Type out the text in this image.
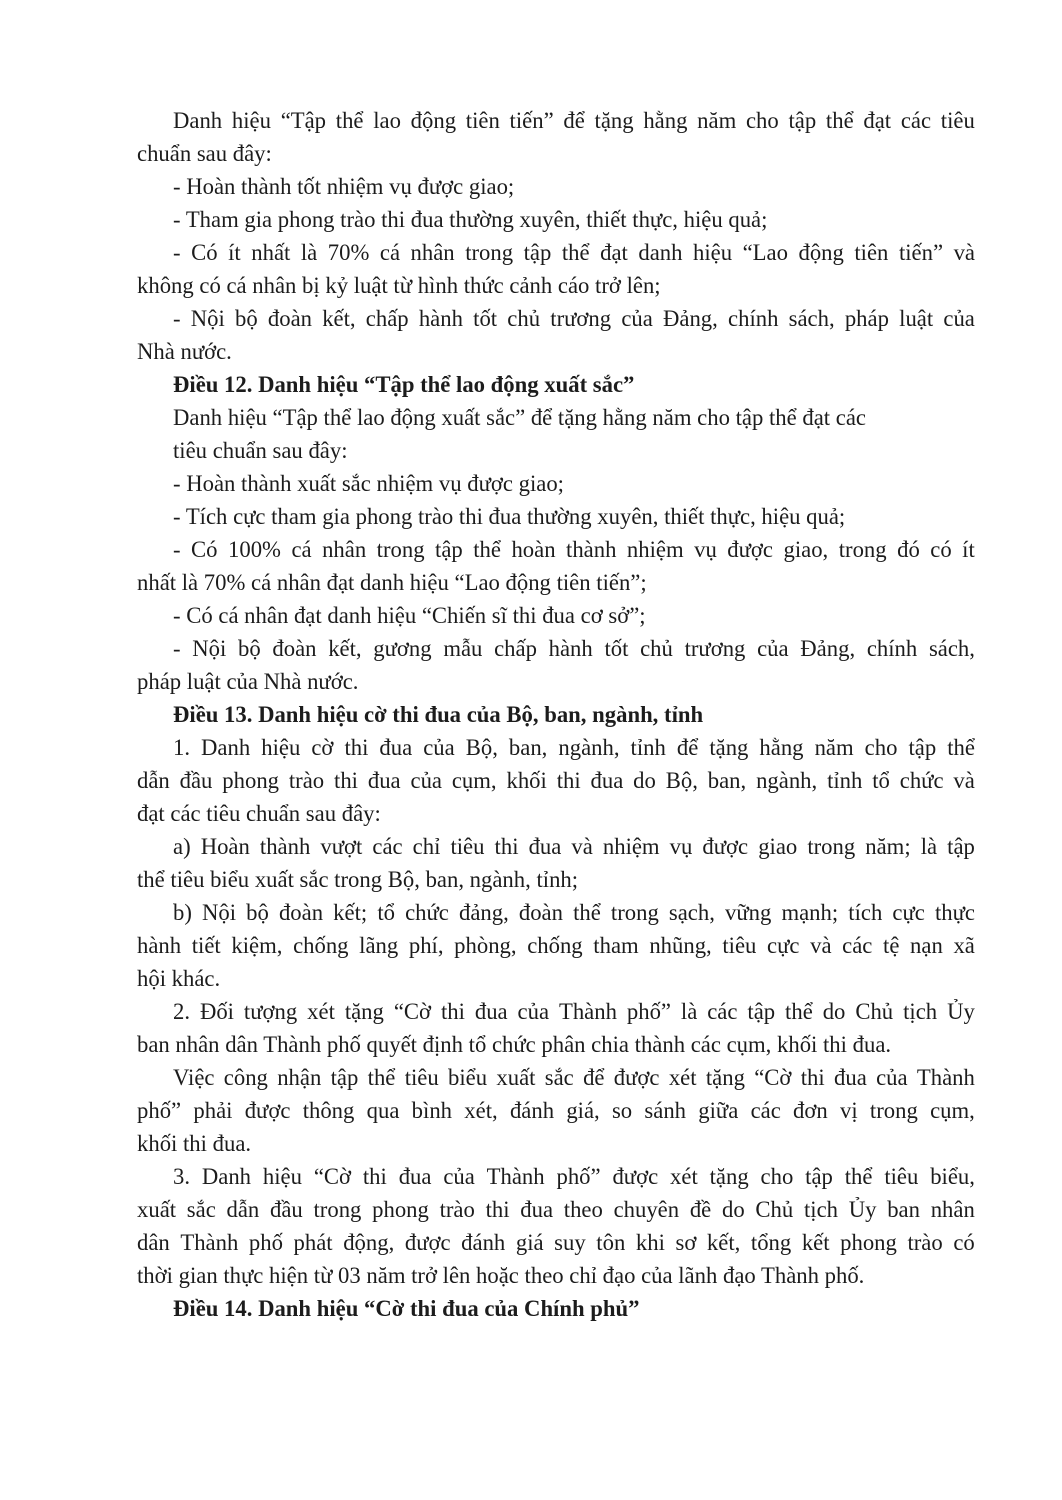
Danh hiệu “Tập thể lao động tiên tiến” để tặng hằng năm cho tập thể đạt các tiêu
chuẩn sau đây:
- Hoàn thành tốt nhiệm vụ được giao;
- Tham gia phong trào thi đua thường xuyên, thiết thực, hiệu quả;
- Có ít nhất là 70% cá nhân trong tập thể đạt danh hiệu “Lao động tiên tiến” và
không có cá nhân bị kỷ luật từ hình thức cảnh cáo trở lên;
- Nội bộ đoàn kết, chấp hành tốt chủ trương của Đảng, chính sách, pháp luật của
Nhà nước.
Điều 12. Danh hiệu “Tập thể lao động xuất sắc”
Danh hiệu “Tập thể lao động xuất sắc” để tặng hằng năm cho tập thể đạt các
tiêu chuẩn sau đây:
- Hoàn thành xuất sắc nhiệm vụ được giao;
- Tích cực tham gia phong trào thi đua thường xuyên, thiết thực, hiệu quả;
- Có 100% cá nhân trong tập thể hoàn thành nhiệm vụ được giao, trong đó có ít
nhất là 70% cá nhân đạt danh hiệu “Lao động tiên tiến”;
- Có cá nhân đạt danh hiệu “Chiến sĩ thi đua cơ sở”;
- Nội bộ đoàn kết, gương mẫu chấp hành tốt chủ trương của Đảng, chính sách,
pháp luật của Nhà nước.
Điều 13. Danh hiệu cờ thi đua của Bộ, ban, ngành, tỉnh
1. Danh hiệu cờ thi đua của Bộ, ban, ngành, tỉnh để tặng hằng năm cho tập thể
dẫn đầu phong trào thi đua của cụm, khối thi đua do Bộ, ban, ngành, tỉnh tổ chức và
đạt các tiêu chuẩn sau đây:
a) Hoàn thành vượt các chỉ tiêu thi đua và nhiệm vụ được giao trong năm; là tập
thể tiêu biểu xuất sắc trong Bộ, ban, ngành, tỉnh;
b) Nội bộ đoàn kết; tổ chức đảng, đoàn thể trong sạch, vững mạnh; tích cực thực
hành tiết kiệm, chống lãng phí, phòng, chống tham nhũng, tiêu cực và các tệ nạn xã
hội khác.
2. Đối tượng xét tặng “Cờ thi đua của Thành phố” là các tập thể do Chủ tịch Ủy
ban nhân dân Thành phố quyết định tổ chức phân chia thành các cụm, khối thi đua.
Việc công nhận tập thể tiêu biểu xuất sắc để được xét tặng “Cờ thi đua của Thành
phố” phải được thông qua bình xét, đánh giá, so sánh giữa các đơn vị trong cụm,
khối thi đua.
3. Danh hiệu “Cờ thi đua của Thành phố” được xét tặng cho tập thể tiêu biểu,
xuất sắc dẫn đầu trong phong trào thi đua theo chuyên đề do Chủ tịch Ủy ban nhân
dân Thành phố phát động, được đánh giá suy tôn khi sơ kết, tổng kết phong trào có
thời gian thực hiện từ 03 năm trở lên hoặc theo chỉ đạo của lãnh đạo Thành phố.
Điều 14. Danh hiệu “Cờ thi đua của Chính phủ”
